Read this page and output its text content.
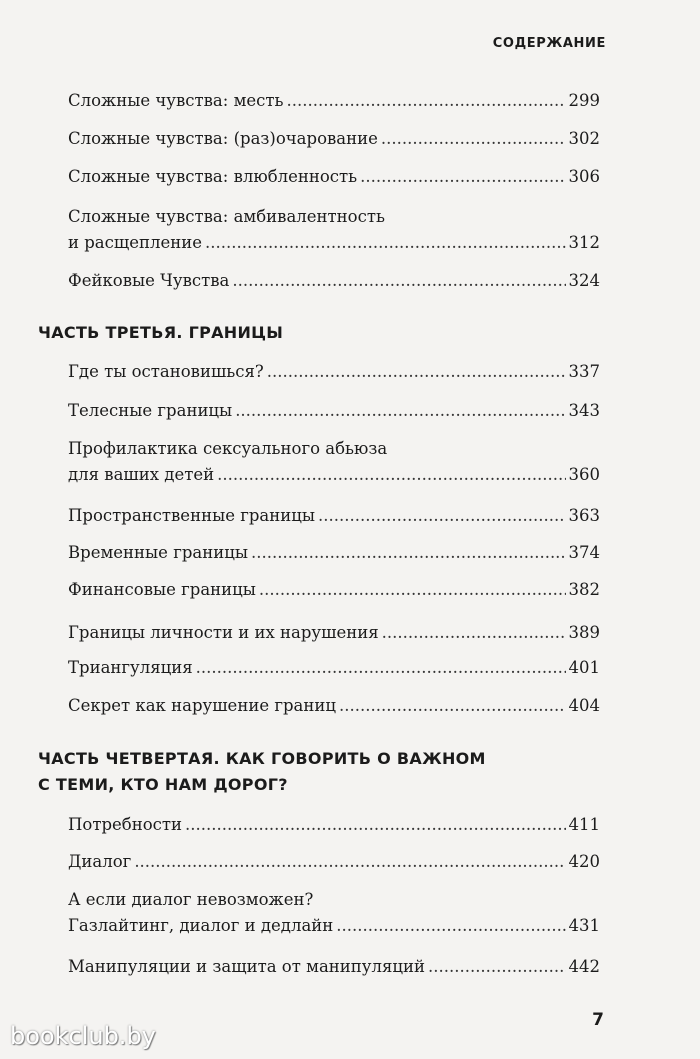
СОДЕРЖАНИЕ
Сложные чувства: месть .....	299
Сложные чувства: (раз)очарование .....	302
Сложные чувства: влюбленность .....	306
Сложные чувства: амбивалентность
и расщепление .....	312
Фейковые Чувства .....	324
ЧАСТЬ ТРЕТЬЯ. ГРАНИЦЫ
Где ты остановишься? .....	337
Телесные границы .....	343
Профилактика сексуального абьюза
для ваших детей .....	360
Пространственные границы .....	363
Временные границы .....	374
Финансовые границы .....	382
Границы личности и их нарушения .....	389
Триангуляция .....	401
Секрет как нарушение границ .....	404
ЧАСТЬ ЧЕТВЕРТАЯ. КАК ГОВОРИТЬ О ВАЖНОМ
С ТЕМИ, КТО НАМ ДОРОГ?
Потребности .....	411
Диалог .....	420
А если диалог невозможен?
Газлайтинг, диалог и дедлайн .....	431
Манипуляции и защита от манипуляций .....	442
7
bookclub.by
